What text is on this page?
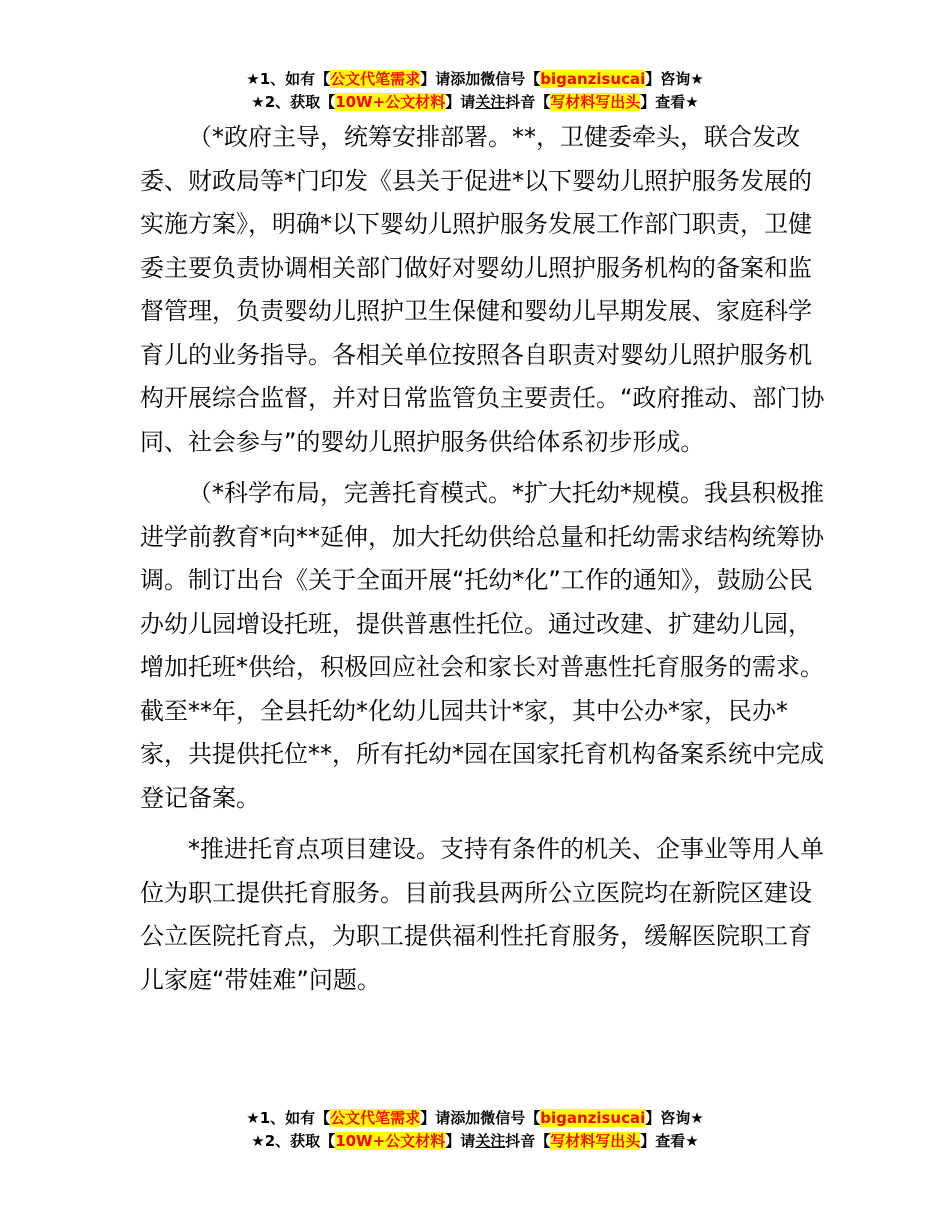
★1、如有【公文代笔需求】请添加微信号【biganzisucai】咨询★
★2、获取【10W+公文材料】请关注抖音【写材料写出头】查看★

（*政府主导，统筹安排部署。**，卫健委牵头，联合发改委、财政局等*门印发《县关于促进*以下婴幼儿照护服务发展的实施方案》，明确*以下婴幼儿照护服务发展工作部门职责，卫健委主要负责协调相关部门做好对婴幼儿照护服务机构的备案和监督管理，负责婴幼儿照护卫生保健和婴幼儿早期发展、家庭科学育儿的业务指导。各相关单位按照各自职责对婴幼儿照护服务机构开展综合监督，并对日常监管负主要责任。“政府推动、部门协同、社会参与”的婴幼儿照护服务供给体系初步形成。

（*科学布局，完善托育模式。*扩大托幼*规模。我县积极推进学前教育*向**延伸，加大托幼供给总量和托幼需求结构统筹协调。制订出台《关于全面开展“托幼*化”工作的通知》，鼓励公民办幼儿园增设托班，提供普惠性托位。通过改建、扩建幼儿园，增加托班*供给，积极回应社会和家长对普惠性托育服务的需求。截至**年，全县托幼*化幼儿园共计*家，其中公办*家，民办*家，共提供托位**，所有托幼*园在国家托育机构备案系统中完成登记备案。

*推进托育点项目建设。支持有条件的机关、企事业等用人单位为职工提供托育服务。目前我县两所公立医院均在新院区建设公立医院托育点，为职工提供福利性托育服务，缓解医院职工育儿家庭“带娃难”问题。

★1、如有【公文代笔需求】请添加微信号【biganzisucai】咨询★
★2、获取【10W+公文材料】请关注抖音【写材料写出头】查看★
